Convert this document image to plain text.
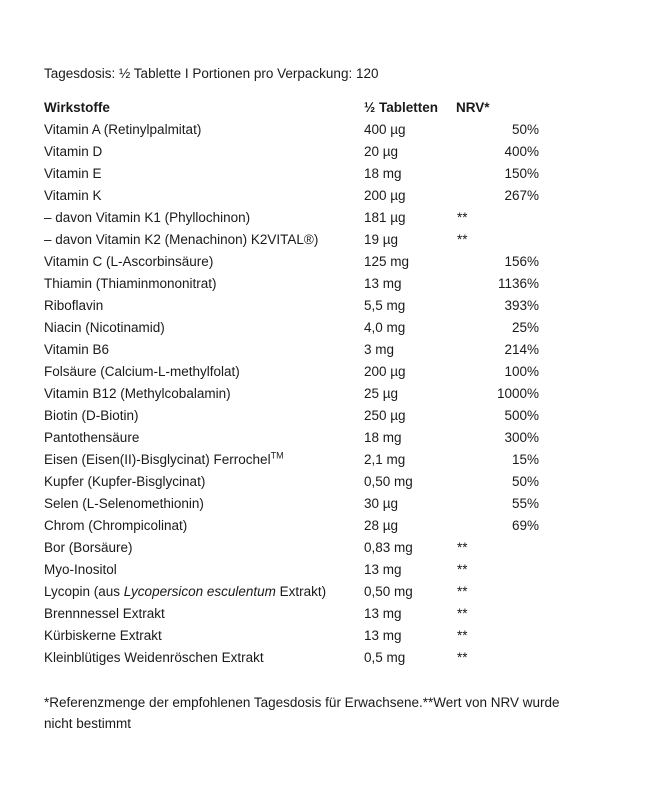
Tagesdosis: ½ Tablette I Portionen pro Verpackung: 120
Wirkstoffe	½ Tabletten	NRV*
Vitamin A (Retinylpalmitat)	400 µg	50%
Vitamin D	20 µg	400%
Vitamin E	18 mg	150%
Vitamin K	200 µg	267%
– davon Vitamin K1 (Phyllochinon)	181 µg	**
– davon Vitamin K2 (Menachinon) K2VITAL®)	19 µg	**
Vitamin C (L-Ascorbinsäure)	125 mg	156%
Thiamin (Thiaminmononitrat)	13 mg	1136%
Riboflavin	5,5 mg	393%
Niacin (Nicotinamid)	4,0 mg	25%
Vitamin B6	3 mg	214%
Folsäure (Calcium-L-methylfolat)	200 µg	100%
Vitamin B12 (Methylcobalamin)	25 µg	1000%
Biotin (D-Biotin)	250 µg	500%
Pantothensäure	18 mg	300%
Eisen (Eisen(II)-Bisglycinat) Ferrochel™	2,1 mg	15%
Kupfer (Kupfer-Bisglycinat)	0,50 mg	50%
Selen (L-Selenomethionin)	30 µg	55%
Chrom (Chrompicolinat)	28 µg	69%
Bor (Borsäure)	0,83 mg	**
Myo-Inositol	13 mg	**
Lycopin (aus Lycopersicon esculentum Extrakt)	0,50 mg	**
Brennnessel Extrakt	13 mg	**
Kürbiskerne Extrakt	13 mg	**
Kleinblütiges Weidenröschen Extrakt	0,5 mg	**
*Referenzmenge der empfohlenen Tagesdosis für Erwachsene.**Wert von NRV wurde nicht bestimmt
